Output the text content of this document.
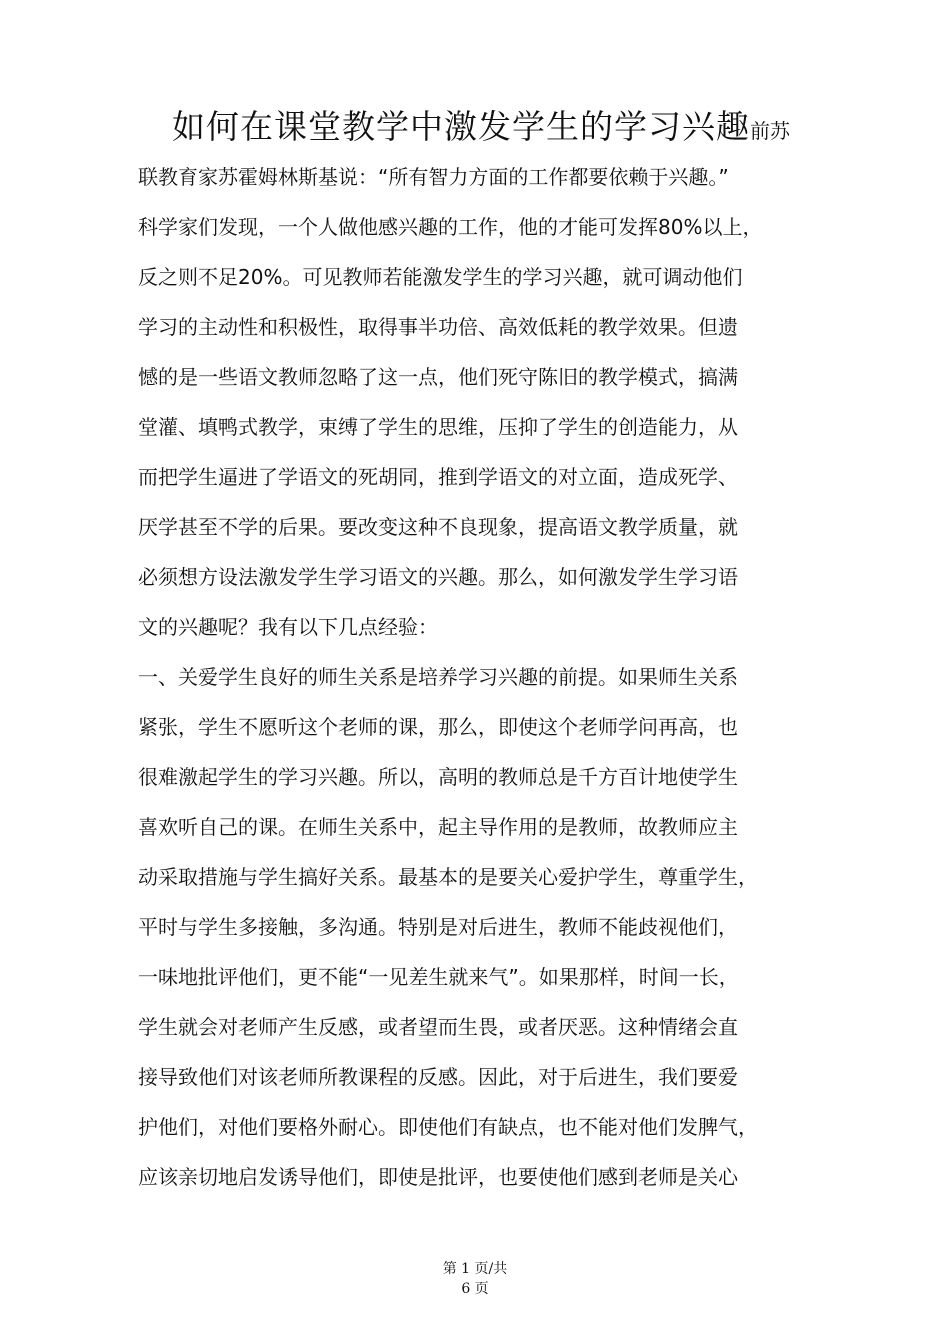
如何在课堂教学中激发学生的学习兴趣前苏
联教育家苏霍姆林斯基说：“所有智力方面的工作都要依赖于兴趣。”
科学家们发现，一个人做他感兴趣的工作，他的才能可发挥80%以上，
反之则不足20%。可见教师若能激发学生的学习兴趣，就可调动他们
学习的主动性和积极性，取得事半功倍、高效低耗的教学效果。但遗
憾的是一些语文教师忽略了这一点，他们死守陈旧的教学模式，搞满
堂灌、填鸭式教学，束缚了学生的思维，压抑了学生的创造能力，从
而把学生逼进了学语文的死胡同，推到学语文的对立面，造成死学、
厌学甚至不学的后果。要改变这种不良现象，提高语文教学质量，就
必须想方设法激发学生学习语文的兴趣。那么，如何激发学生学习语
文的兴趣呢？我有以下几点经验：
一、关爱学生良好的师生关系是培养学习兴趣的前提。如果师生关系
紧张，学生不愿听这个老师的课，那么，即使这个老师学问再高，也
很难激起学生的学习兴趣。所以，高明的教师总是千方百计地使学生
喜欢听自己的课。在师生关系中，起主导作用的是教师，故教师应主
动采取措施与学生搞好关系。最基本的是要关心爱护学生，尊重学生，
平时与学生多接触，多沟通。特别是对后进生，教师不能歧视他们，
一味地批评他们，更不能“一见差生就来气”。如果那样，时间一长，
学生就会对老师产生反感，或者望而生畏，或者厌恶。这种情绪会直
接导致他们对该老师所教课程的反感。因此，对于后进生，我们要爱
护他们，对他们要格外耐心。即使他们有缺点，也不能对他们发脾气，
应该亲切地启发诱导他们，即使是批评，也要使他们感到老师是关心
第 1 页/共
6 页
